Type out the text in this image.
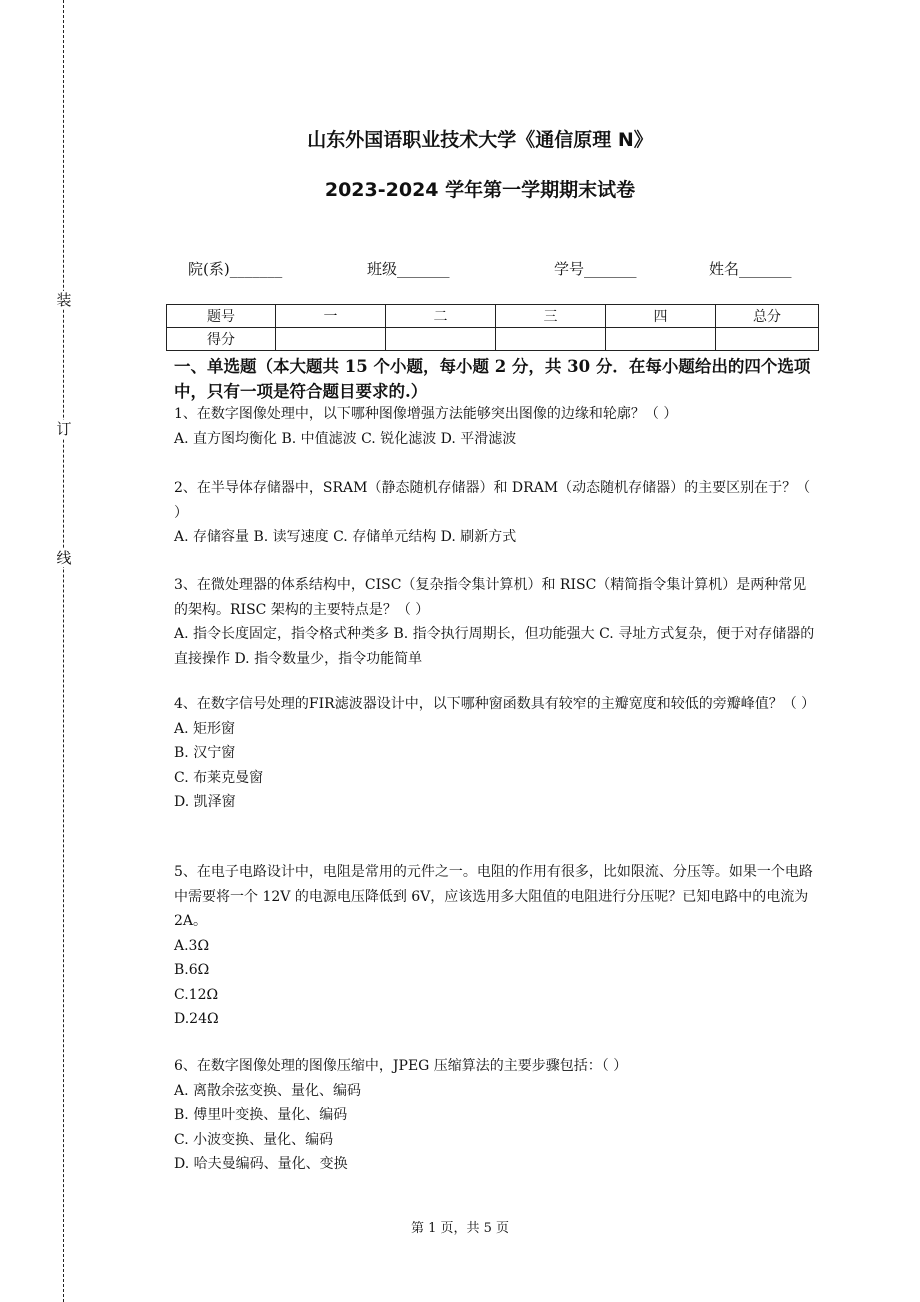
装
订
线
山东外国语职业技术大学《通信原理 N》
2023-2024 学年第一学期期末试卷
院(系)_______	班级_______	学号_______	姓名_______
题号	一	二	三	四	总分
得分					
一、单选题（本大题共 15 个小题，每小题 2 分，共 30 分．在每小题给出的四个选项中，只有一项是符合题目要求的.）
1、在数字图像处理中，以下哪种图像增强方法能够突出图像的边缘和轮廓？（ ）
A. 直方图均衡化 B. 中值滤波 C. 锐化滤波 D. 平滑滤波
2、在半导体存储器中，SRAM（静态随机存储器）和 DRAM（动态随机存储器）的主要区别在于？（ ）
A. 存储容量 B. 读写速度 C. 存储单元结构 D. 刷新方式
3、在微处理器的体系结构中，CISC（复杂指令集计算机）和 RISC（精简指令集计算机）是两种常见的架构。RISC 架构的主要特点是？（ ）
A. 指令长度固定，指令格式种类多 B. 指令执行周期长，但功能强大 C. 寻址方式复杂，便于对存储器的直接操作 D. 指令数量少，指令功能简单
4、在数字信号处理的FIR滤波器设计中，以下哪种窗函数具有较窄的主瓣宽度和较低的旁瓣峰值？（ ）
A. 矩形窗
B. 汉宁窗
C. 布莱克曼窗
D. 凯泽窗
5、在电子电路设计中，电阻是常用的元件之一。电阻的作用有很多，比如限流、分压等。如果一个电路中需要将一个 12V 的电源电压降低到 6V，应该选用多大阻值的电阻进行分压呢？已知电路中的电流为 2A。
A.3Ω
B.6Ω
C.12Ω
D.24Ω
6、在数字图像处理的图像压缩中，JPEG 压缩算法的主要步骤包括：（ ）
A. 离散余弦变换、量化、编码
B. 傅里叶变换、量化、编码
C. 小波变换、量化、编码
D. 哈夫曼编码、量化、变换
第 1 页，共 5 页
